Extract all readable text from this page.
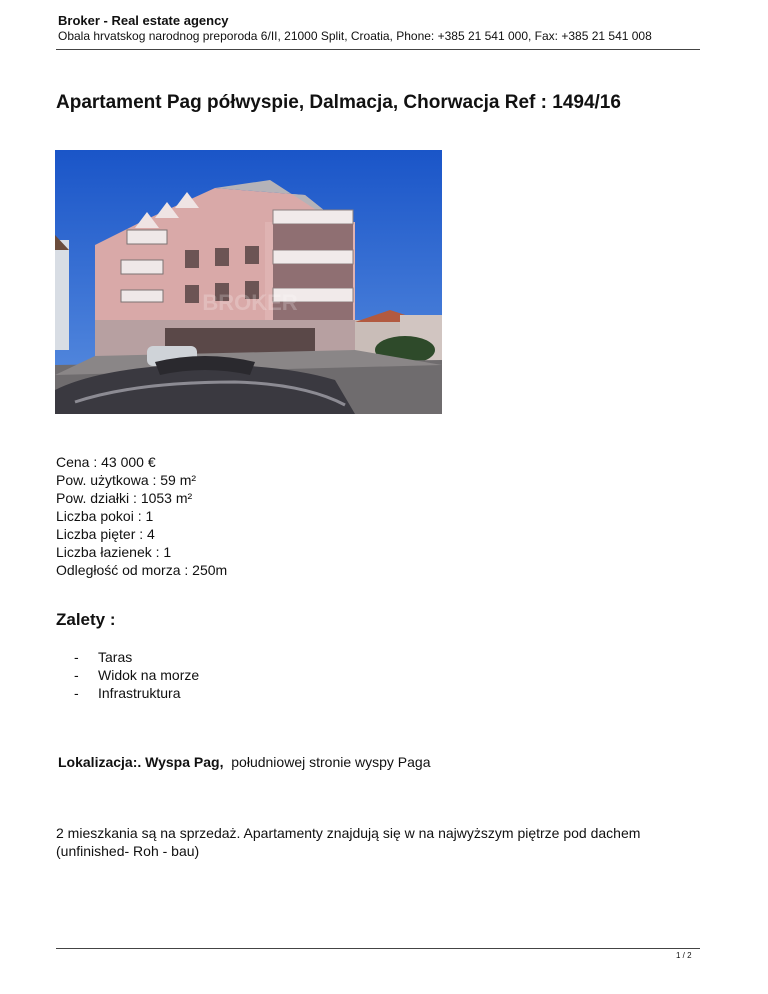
Broker - Real estate agency
Obala hrvatskog narodnog preporoda 6/II, 21000 Split, Croatia, Phone: +385 21 541 000, Fax: +385 21 541 008
Apartament Pag półwyspie, Dalmacja, Chorwacja Ref : 1494/16
BROKER
Cena : 43 000 €
Pow. użytkowa : 59 m²
Pow. działki : 1053 m²
Liczba pokoi : 1
Liczba pięter : 4
Liczba łazienek : 1
Odległość od morza : 250m
Zalety :
- Taras
- Widok na morze
- Infrastruktura
Lokalizacja:. Wyspa Pag, południowej stronie wyspy Paga
2 mieszkania są na sprzedaż. Apartamenty znajdują się w na najwyższym piętrze pod dachem (unfinished- Roh - bau)
1 / 2
